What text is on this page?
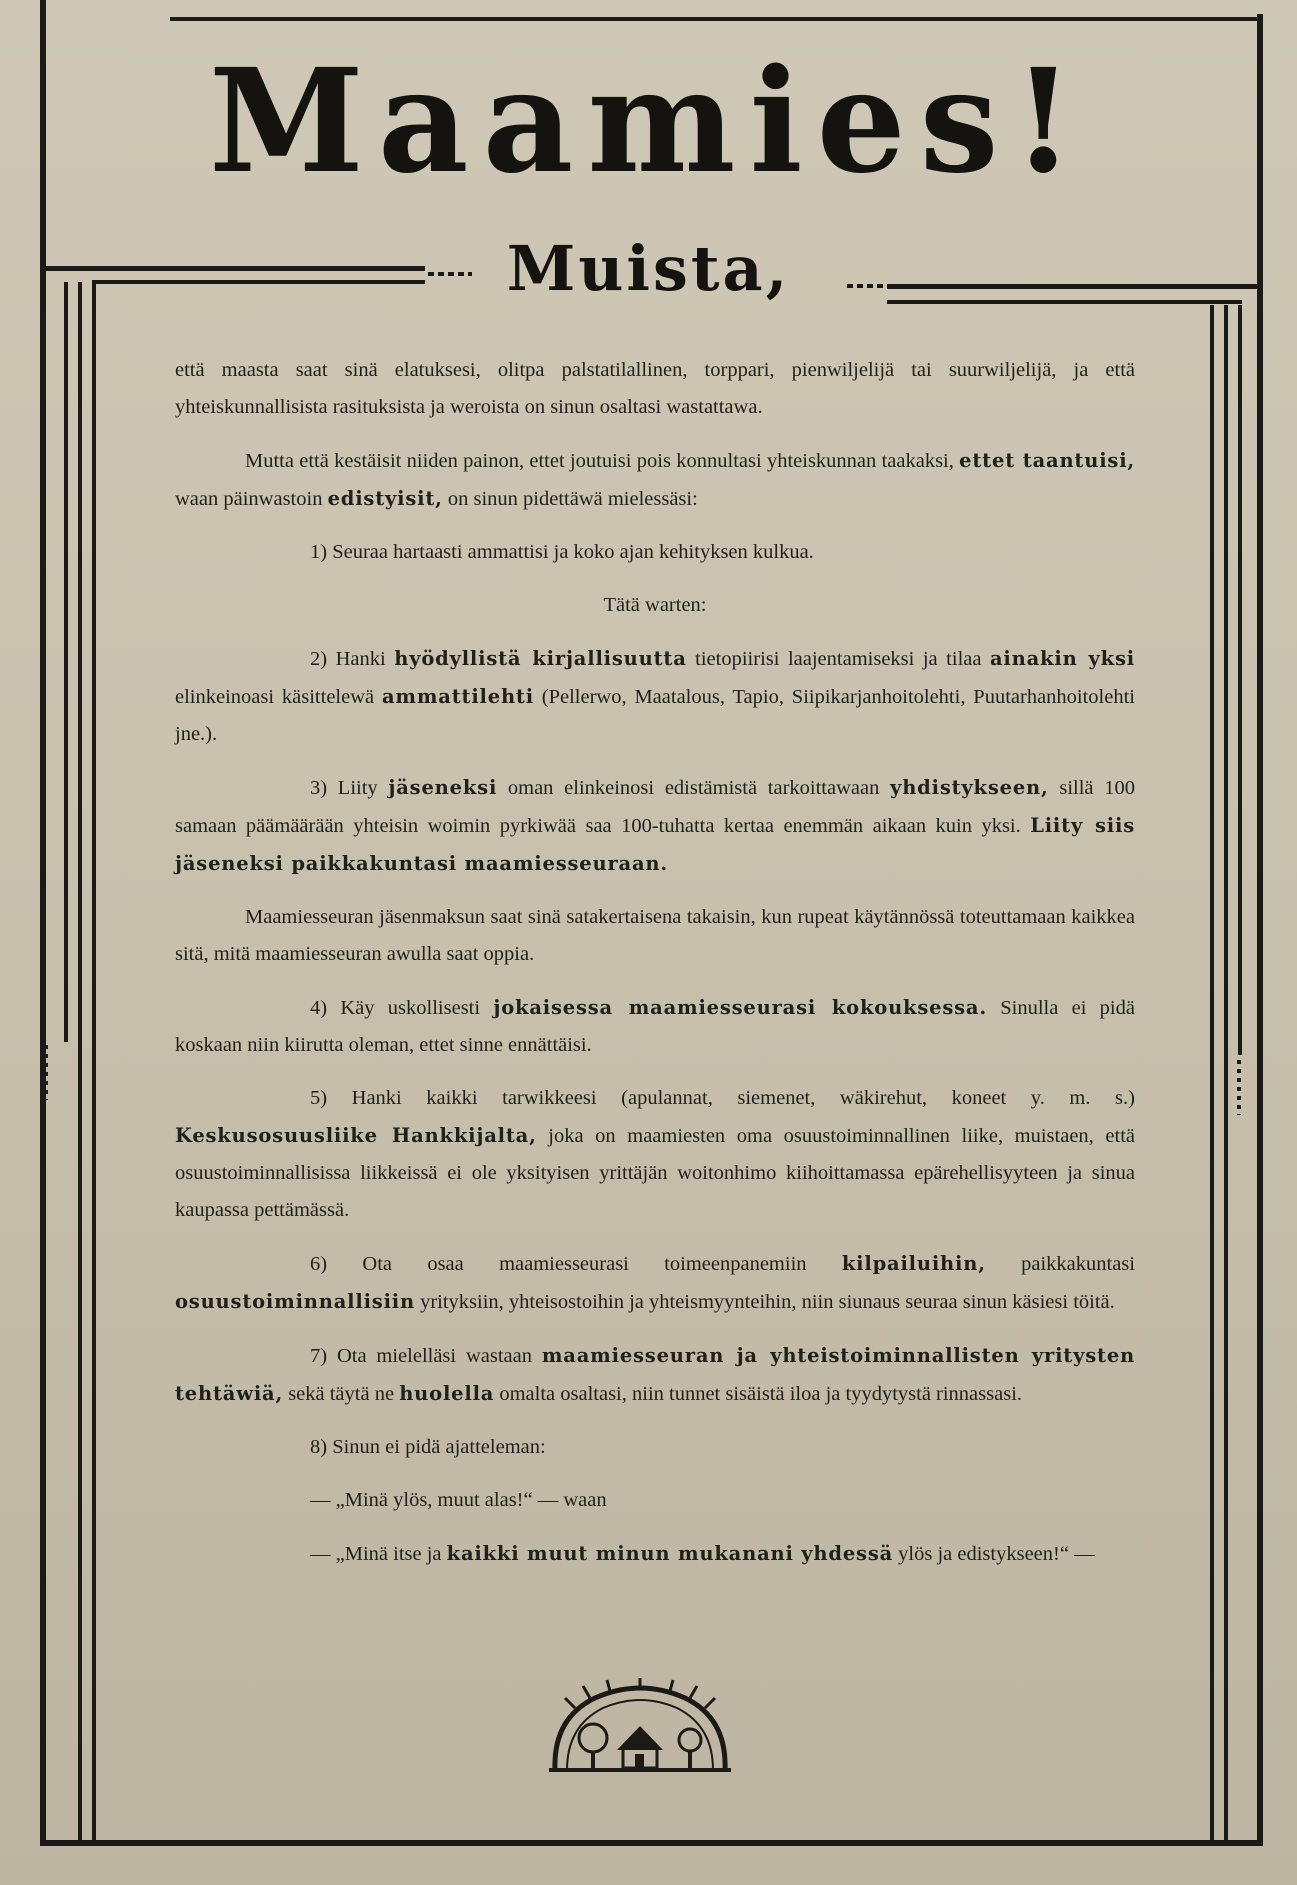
Maamies!
Muista,

että maasta saat sinä elatuksesi, olitpa palstatilallinen, torppari, pienwiljelijä tai suurwiljelijä, ja että yhteiskunnallisista rasituksista ja weroista on sinun osaltasi wastattawa.

Mutta että kestäisit niiden painon, ettet joutuisi pois konnultasi yhteiskunnan taakaksi, ettet taantuisi, waan päinwastoin edistyisit, on sinun pidettäwä mielessäsi:

1) Seuraa hartaasti ammattisi ja koko ajan kehityksen kulkua.

Tätä warten:

2) Hanki hyödyllistä kirjallisuutta tietopiirisi laajentamiseksi ja tilaa ainakin yksi elinkeinoasi käsittelewä ammattilehti (Pellerwo, Maatalous, Tapio, Siipikarjanhoitolehti, Puutarhanhoitolehti jne.).

3) Liity jäseneksi oman elinkeinosi edistämistä tarkoittawaan yhdistykseen, sillä 100 samaan päämäärään yhteisin woimin pyrkiwää saa 100-tuhatta kertaa enemmän aikaan kuin yksi. Liity siis jäseneksi paikkakuntasi maamiesseuraan.

Maamiesseuran jäsenmaksun saat sinä satakertaisena takaisin, kun rupeat käytännössä toteuttamaan kaikkea sitä, mitä maamiesseuran awulla saat oppia.

4) Käy uskollisesti jokaisessa maamiesseurasi kokouksessa. Sinulla ei pidä koskaan niin kiirutta oleman, ettet sinne ennättäisi.

5) Hanki kaikki tarwikkeesi (apulannat, siemenet, wäkirehut, koneet y. m. s.) Keskusosuusliike Hankkijalta, joka on maamiesten oma osuustoiminnallinen liike, muistaen, että osuustoiminnallisissa liikkeissä ei ole yksityisen yrittäjän woitonhimo kiihoittamassa epärehellisyyteen ja sinua kaupassa pettämässä.

6) Ota osaa maamiesseurasi toimeenpanemiin kilpailuihin, paikkakuntasi osuustoiminnallisiin yrityksiin, yhteisostoihin ja yhteismyynteihin, niin siunaus seuraa sinun käsiesi töitä.

7) Ota mielelläsi wastaan maamiesseuran ja yhteistoiminnallisten yritysten tehtäwiä, sekä täytä ne huolella omalta osaltasi, niin tunnet sisäistä iloa ja tyydytystä rinnassasi.

8) Sinun ei pidä ajatteleman:

— „Minä ylös, muut alas!“ — waan

— „Minä itse ja kaikki muut minun mukanani yhdessä ylös ja edistykseen!“ —
